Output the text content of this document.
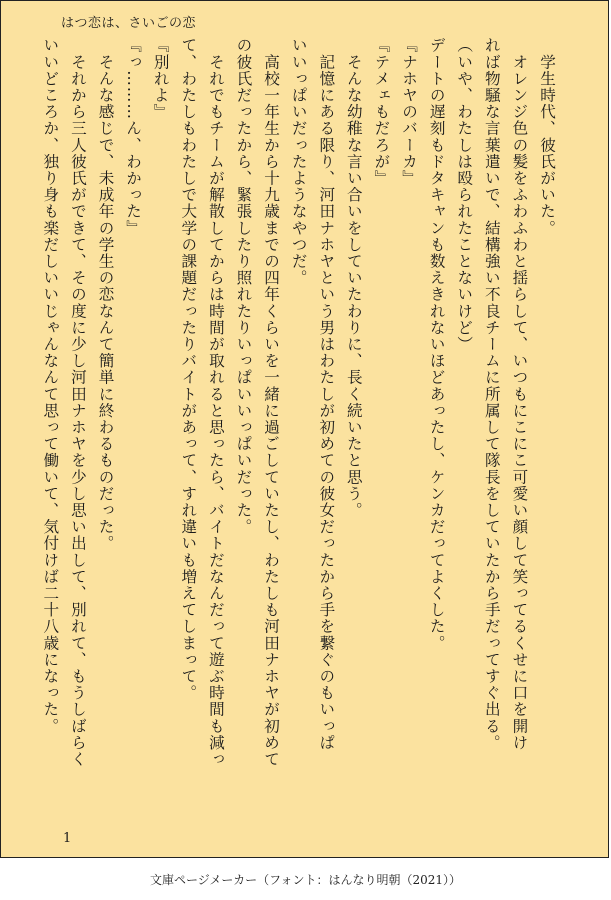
はつ恋は、さいごの恋

　学生時代、彼氏がいた。

　オレンジ色の髪をふわふわと揺らして、いつもにこにこ可愛い顔して笑ってるくせに口を開け

れば物騒な言葉遣いで、結構強い不良チームに所属して隊長をしていたから手だってすぐ出る。

（いや、わたしは殴られたことないけど）

デートの遅刻もドタキャンも数えきれないほどあったし、ケンカだってよくした。

『ナホヤのバーカ』

『テメェもだろが』

　そんな幼稚な言い合いをしていたわりに、長く続いたと思う。

　記憶にある限り、河田ナホヤという男はわたしが初めての彼女だったから手を繋ぐのもいっぱ

いいっぱいだったようなやつだ。

　高校一年生から十九歳までの四年くらいを一緒に過ごしていたし、わたしも河田ナホヤが初めて

の彼氏だったから、緊張したり照れたりいっぱいいっぱいだった。

　それでもチームが解散してからは時間が取れると思ったら、バイトだなんだって遊ぶ時間も減っ

て、わたしもわたしで大学の課題だったりバイトがあって、すれ違いも増えてしまって。

『別れよ』

『っ………ん、わかった』

　そんな感じで、未成年の学生の恋なんて簡単に終わるものだった。

　それから三人彼氏ができて、その度に少し河田ナホヤを少し思い出して、別れて、もうしばらく

いいどころか、独り身も楽だしいいじゃんなんて思って働いて、気付けば二十八歳になった。

1
文庫ページメーカー（フォント：はんなり明朝（2021））
